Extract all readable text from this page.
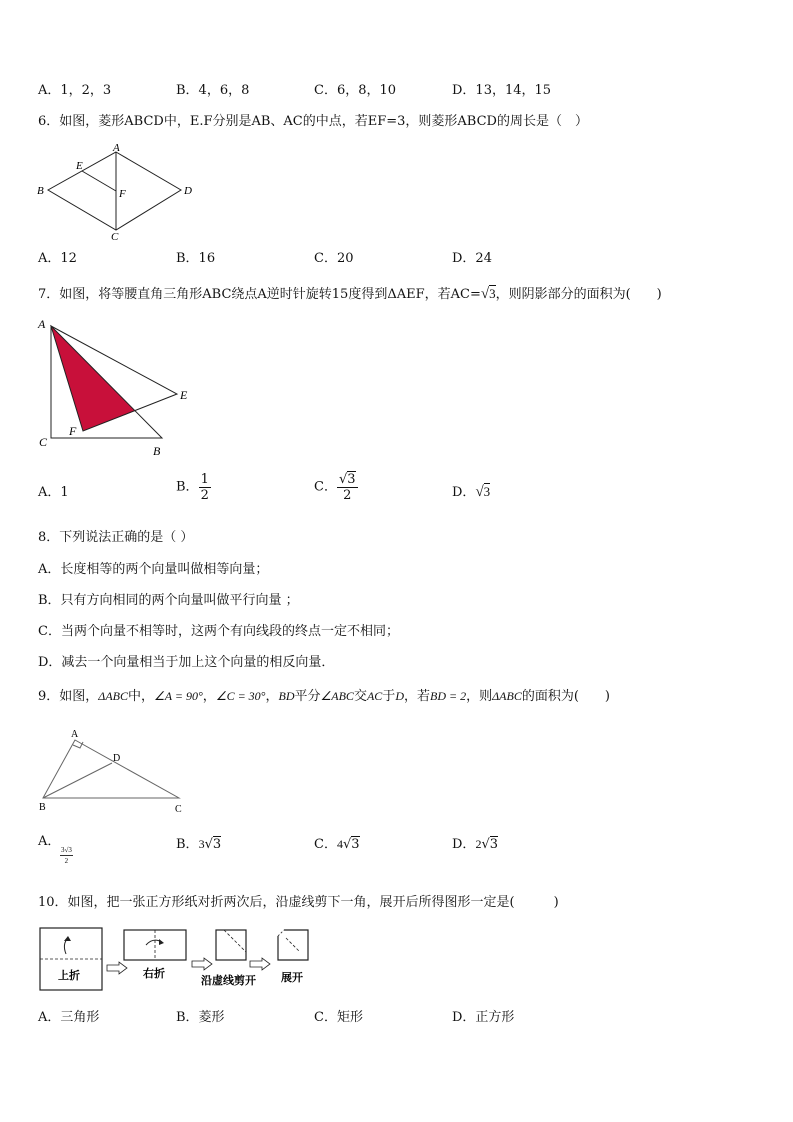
A．1，2，3	B．4，6，8	C．6，8，10	D．13，14，15
6．如图，菱形ABCD中，E.F分别是AB、AC的中点，若EF=3，则菱形ABCD的周长是（　）
A
B
C
D
E
F
A．12	B．16	C．20	D．24
7．如图，将等腰直角三角形ABC绕点A逆时针旋转15度得到ΔAEF，若AC=√3，则阴影部分的面积为(　　)
A
C
B
E
F
A．1	B． $\frac{1}{2}$	C． $\frac{√3}{2}$	D．√3
8．下列说法正确的是（ ）
A．长度相等的两个向量叫做相等向量；
B．只有方向相同的两个向量叫做平行向量 ；
C．当两个向量不相等时，这两个有向线段的终点一定不相同；
D．减去一个向量相当于加上这个向量的相反向量．
9．如图，ΔABC中，∠A = 90°，∠C = 30°，BD平分∠ABC交AC于D，若BD = 2，则ΔABC的面积为(　　)
A
B	C
D
A．
3√3
2
B．3√3	C．4√3	D．2√3
10．如图，把一张正方形纸对折两次后，沿虚线剪下一角，展开后所得图形一定是(　　　)
上折	右折
沿虚线剪开 展开
A．三角形	B．菱形	C．矩形	D．正方形
